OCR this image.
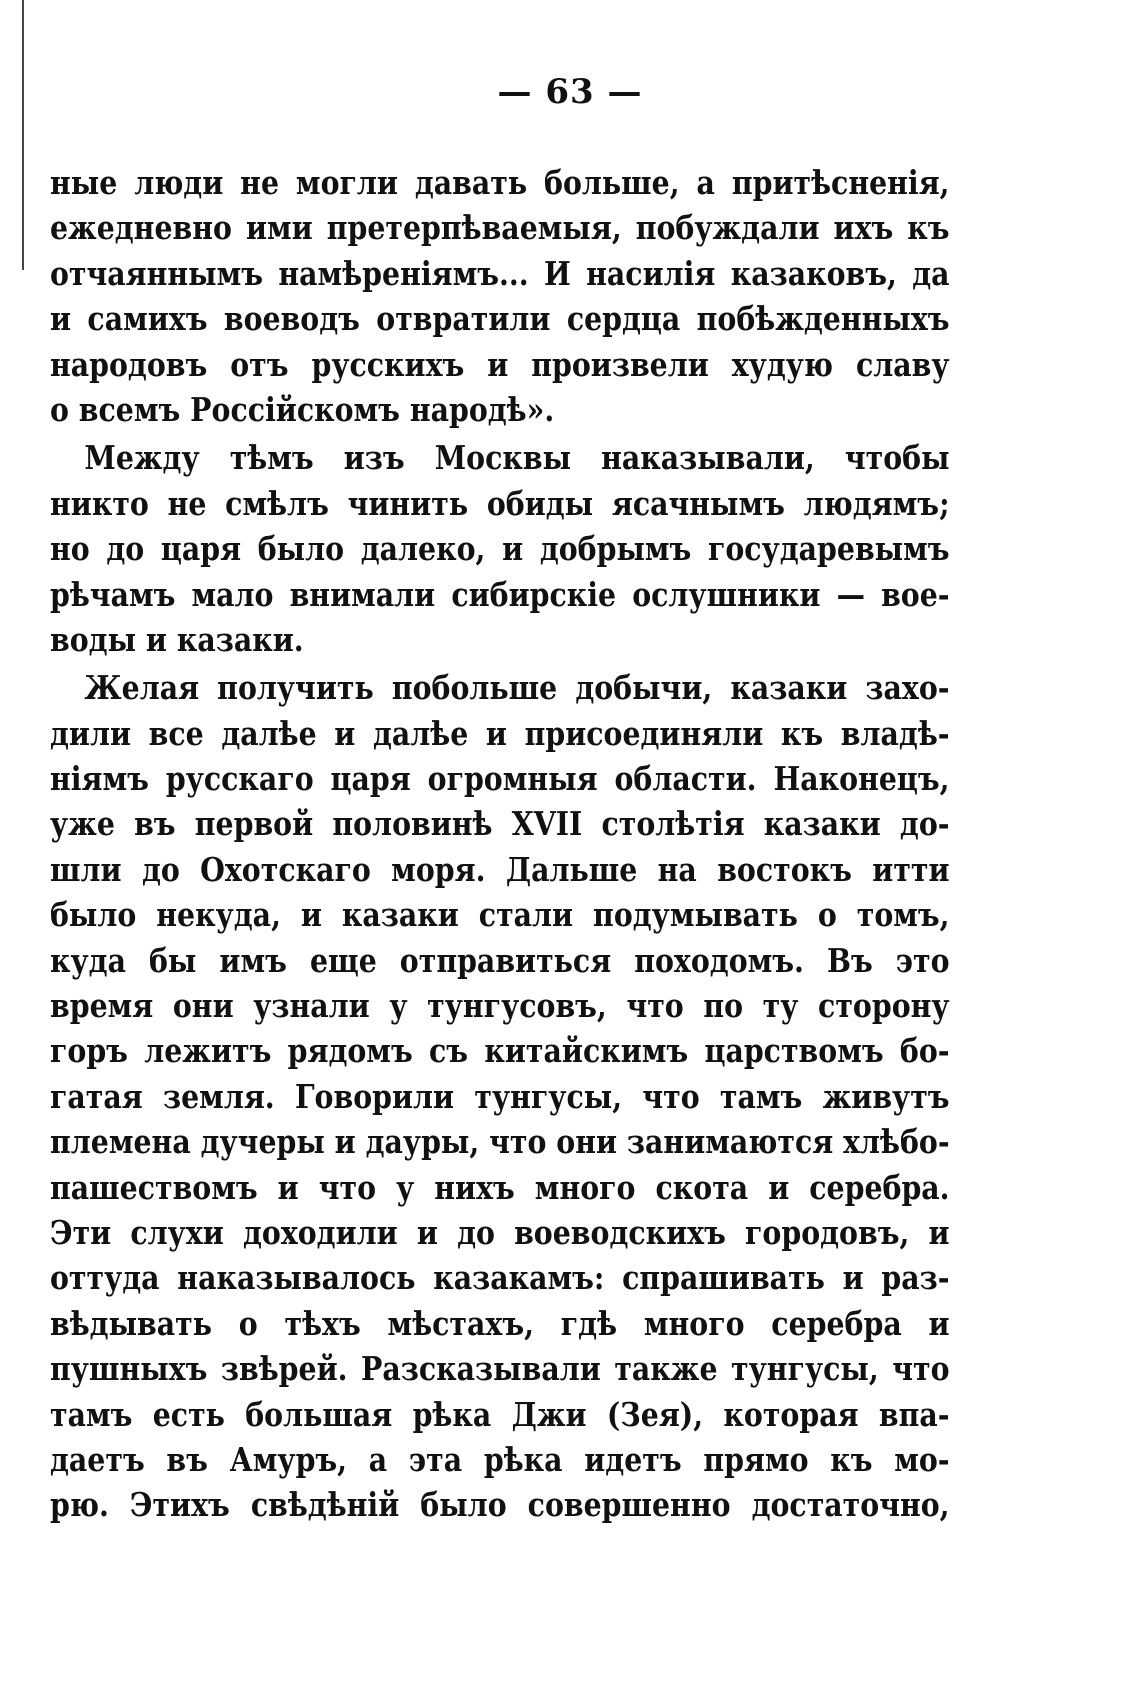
— 63 —
ные люди не могли давать больше, а притѣсненія,
ежедневно ими претерпѣваемыя, побуждали ихъ къ
отчаяннымъ намѣреніямъ... И насилія казаковъ, да
и самихъ воеводъ отвратили сердца побѣжденныхъ
народовъ отъ русскихъ и произвели худую славу
о всемъ Россійскомъ народѣ».
Между тѣмъ изъ Москвы наказывали, чтобы
никто не смѣлъ чинить обиды ясачнымъ людямъ;
но до царя было далеко, и добрымъ государевымъ
рѣчамъ мало внимали сибирскіе ослушники — вое-
воды и казаки.
Желая получить побольше добычи, казаки захо-
дили все далѣе и далѣе и присоединяли къ владѣ-
ніямъ русскаго царя огромныя области. Наконецъ,
уже въ первой половинѣ XVII столѣтія казаки до-
шли до Охотскаго моря. Дальше на востокъ итти
было некуда, и казаки стали подумывать о томъ,
куда бы имъ еще отправиться походомъ. Въ это
время они узнали у тунгусовъ, что по ту сторону
горъ лежитъ рядомъ съ китайскимъ царствомъ бо-
гатая земля. Говорили тунгусы, что тамъ живутъ
племена дучеры и дауры, что они занимаются хлѣбо-
пашествомъ и что у нихъ много скота и серебра.
Эти слухи доходили и до воеводскихъ городовъ, и
оттуда наказывалось казакамъ: спрашивать и раз-
вѣдывать о тѣхъ мѣстахъ, гдѣ много серебра и
пушныхъ звѣрей. Разсказывали также тунгусы, что
тамъ есть большая рѣка Джи (Зея), которая впа-
даетъ въ Амуръ, а эта рѣка идетъ прямо къ мо-
рю. Этихъ свѣдѣній было совершенно достаточно,
